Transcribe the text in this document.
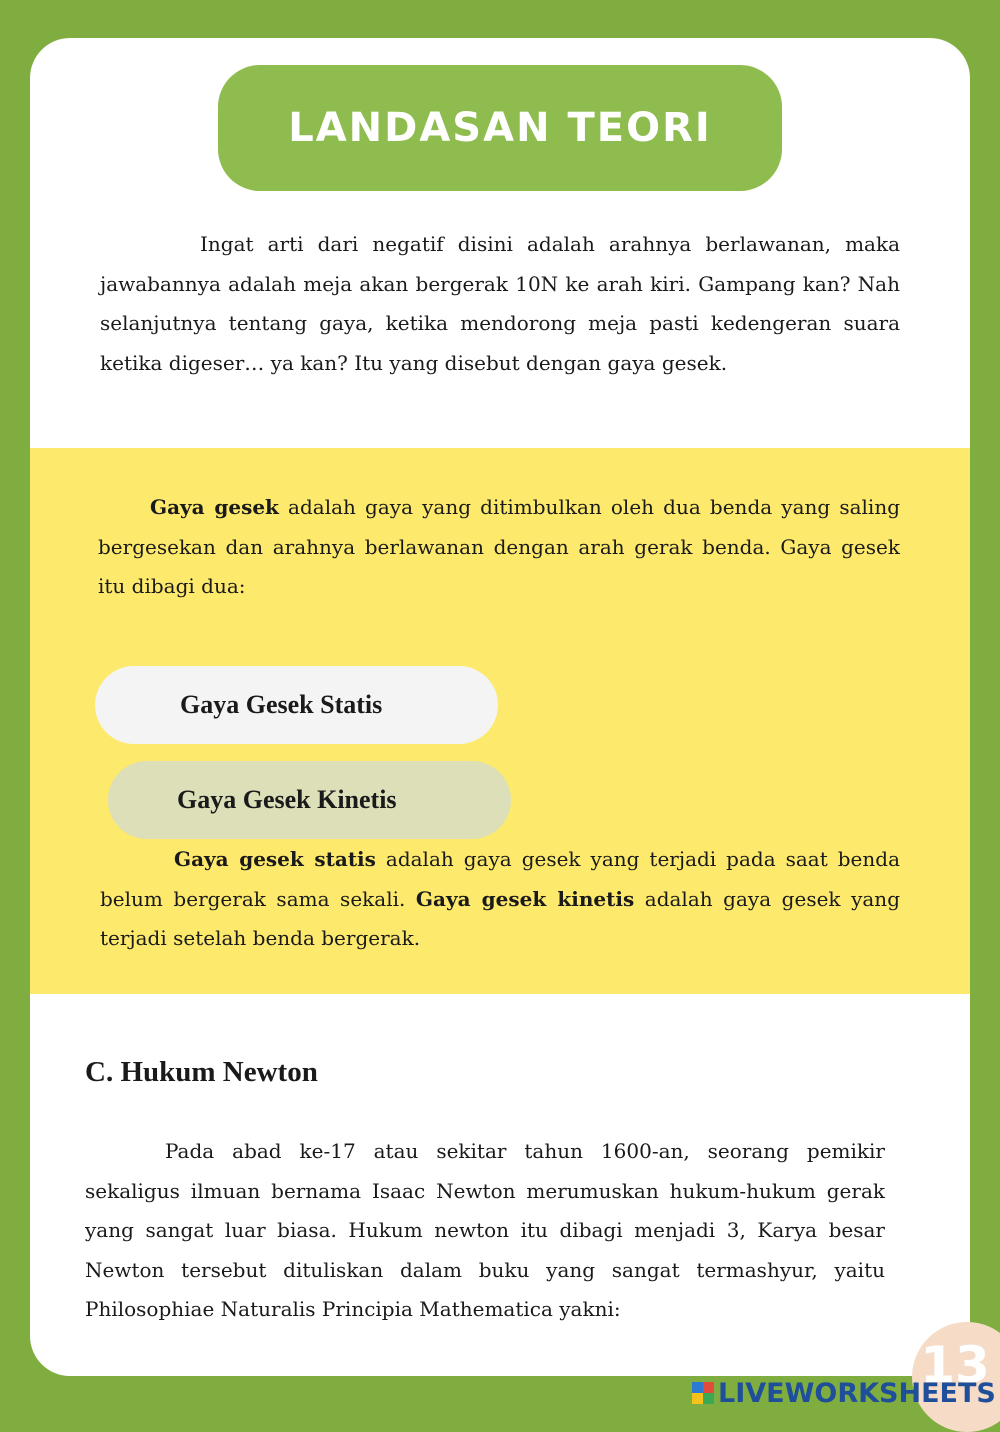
LANDASAN TEORI

Ingat arti dari negatif disini adalah arahnya berlawanan, maka jawabannya adalah meja akan bergerak 10N ke arah kiri. Gampang kan? Nah selanjutnya tentang gaya, ketika mendorong meja pasti kedengeran suara ketika digeser… ya kan? Itu yang disebut dengan gaya gesek.

Gaya gesek adalah gaya yang ditimbulkan oleh dua benda yang saling bergesekan dan arahnya berlawanan dengan arah gerak benda. Gaya gesek itu dibagi dua:

Gaya Gesek Statis
Gaya Gesek Kinetis

Gaya gesek statis adalah gaya gesek yang terjadi pada saat benda belum bergerak sama sekali. Gaya gesek kinetis adalah gaya gesek yang terjadi setelah benda bergerak.

C. Hukum Newton

Pada abad ke-17 atau sekitar tahun 1600-an, seorang pemikir sekaligus ilmuan bernama Isaac Newton merumuskan hukum-hukum gerak yang sangat luar biasa. Hukum newton itu dibagi menjadi 3, Karya besar Newton tersebut dituliskan dalam buku yang sangat termashyur, yaitu Philosophiae Naturalis Principia Mathematica yakni:

13
LIVEWORKSHEETS
